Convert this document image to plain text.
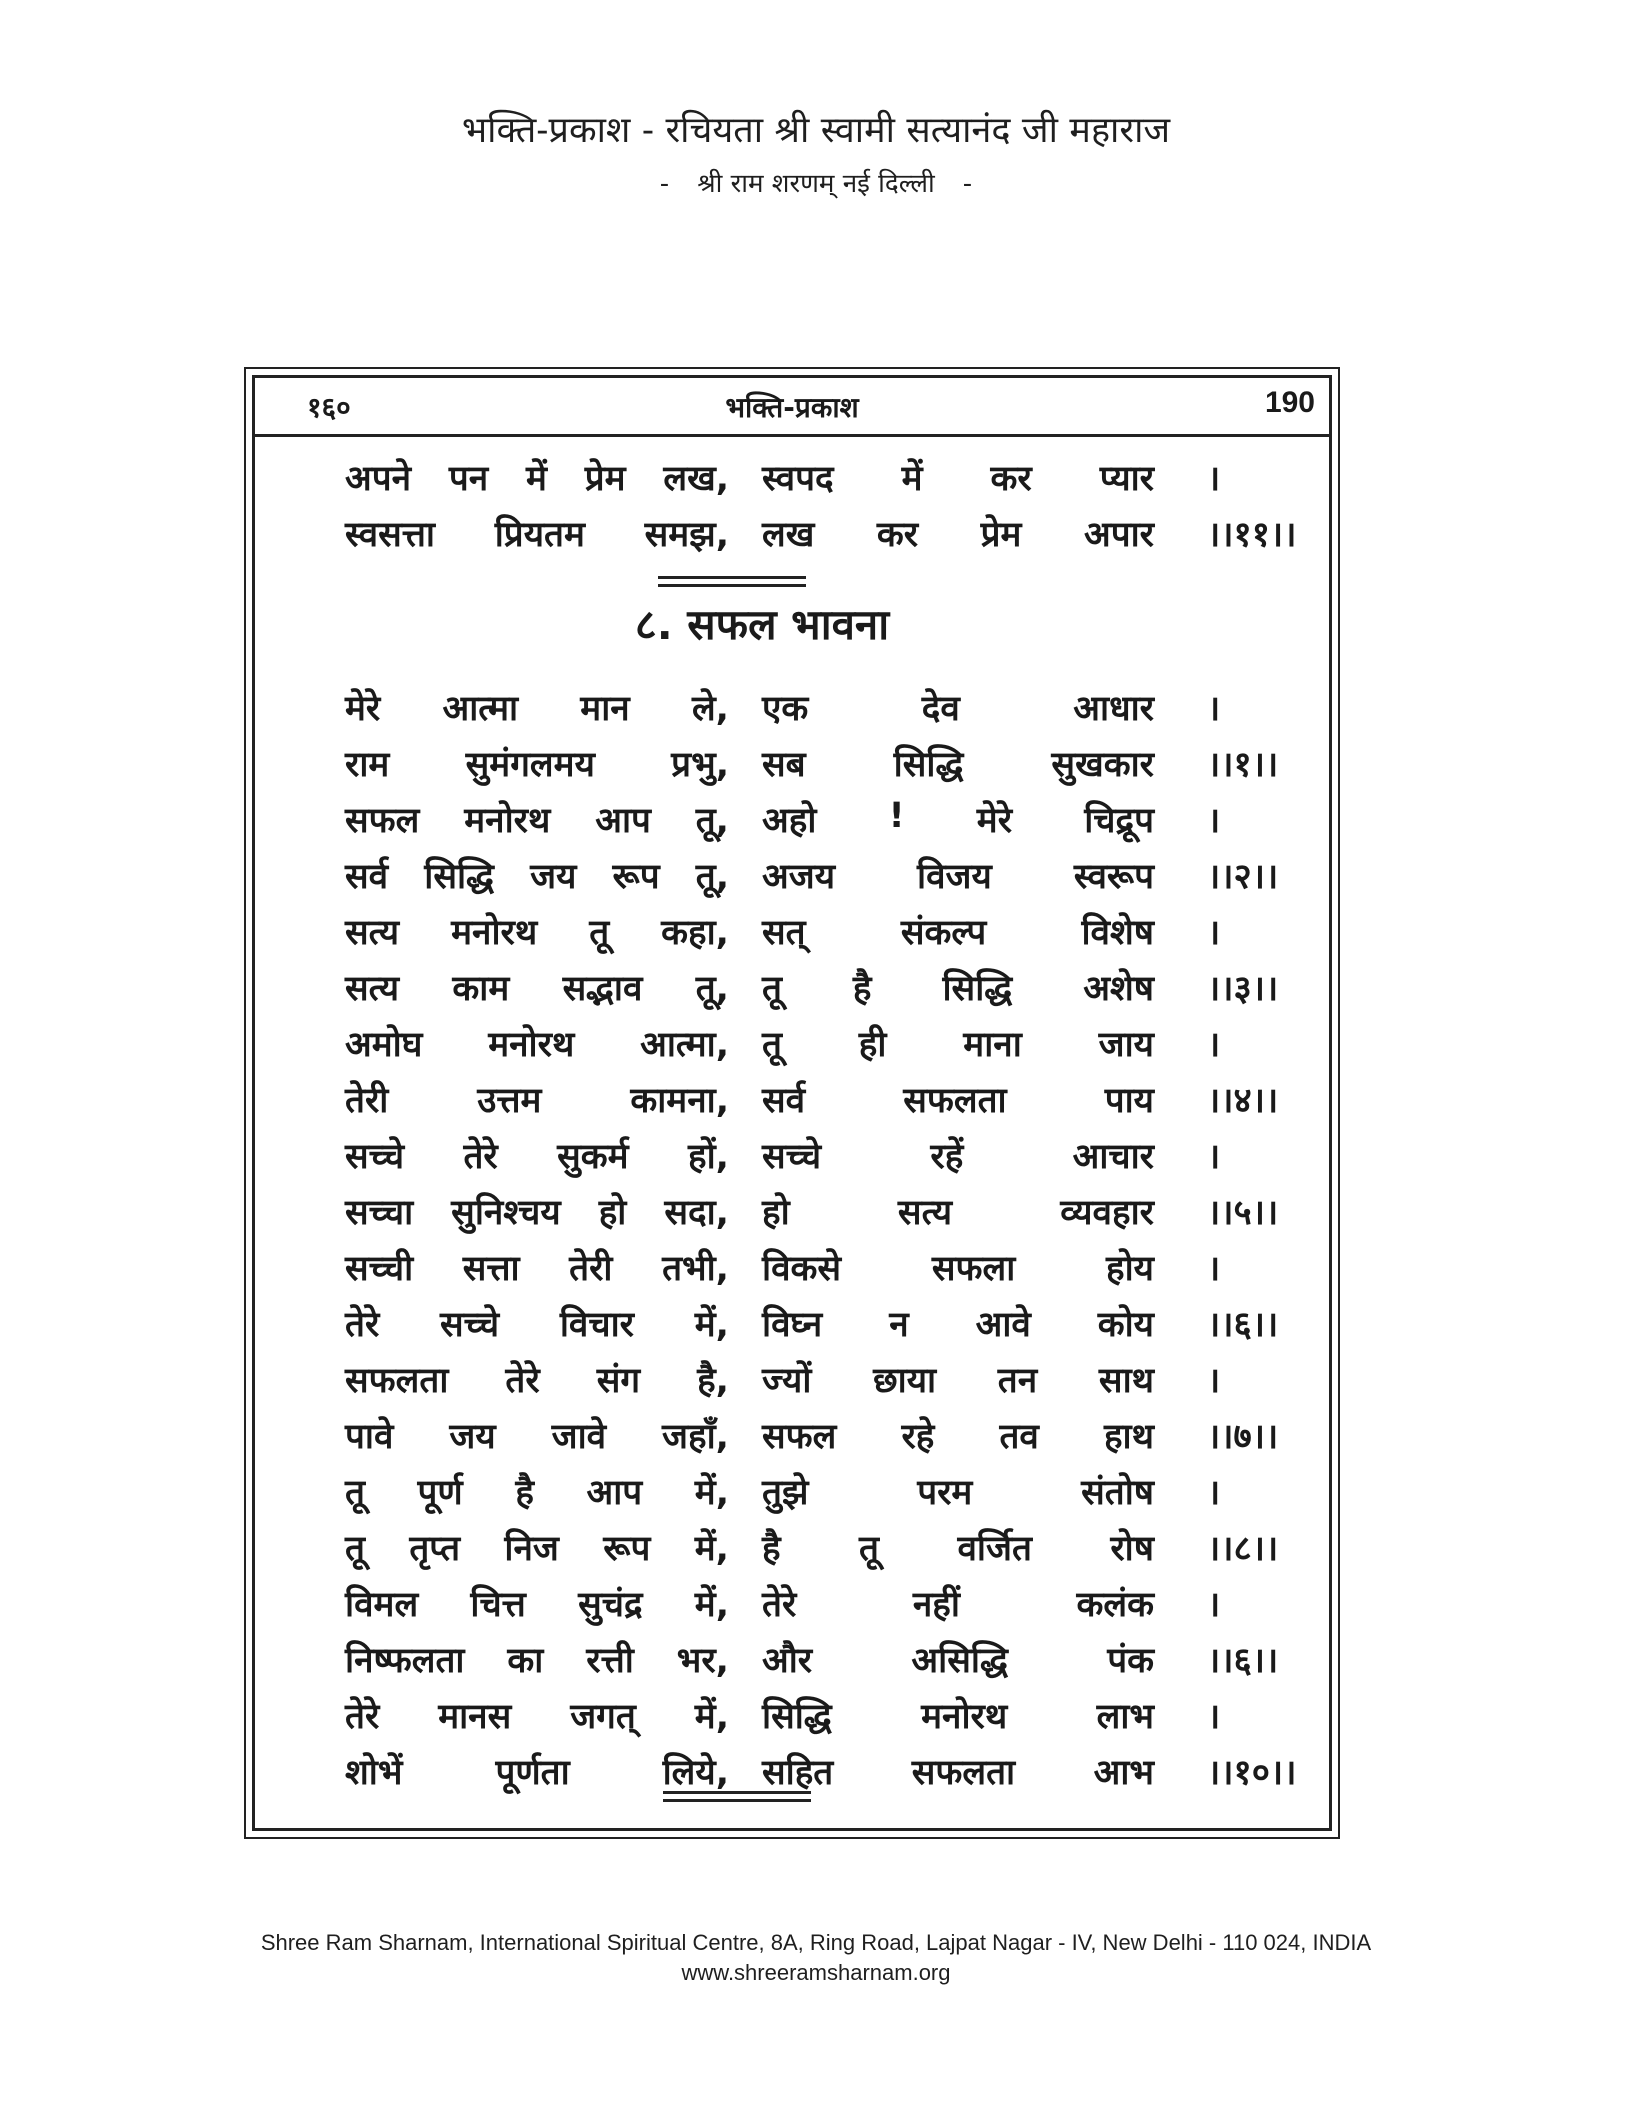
भक्ति-प्रकाश - रचियता श्री स्वामी सत्यानंद जी महाराज
- श्री राम शरणम् नई दिल्ली -
१६०	भक्ति-प्रकाश	190
अपने पन में प्रेम लख, स्वपद में कर प्यार ।
स्वसत्ता प्रियतम समझ, लख कर प्रेम अपार ।।११।।
८. सफल भावना
मेरे आत्मा मान ले, एक	देव	आधार ।
राम सुमंगलमय प्रभु, सब	सिद्धि	सुखकार ।।१।।
सफल मनोरथ आप तू, अहो ! मेरे चिद्रूप ।
सर्व सिद्धि जय रूप तू, अजय विजय स्वरूप ।।२।।
सत्य मनोरथ तू कहा, सत्	संकल्प	विशेष ।
सत्य काम सद्भाव तू, तू है सिद्धि अशेष ।।३।।
अमोघ मनोरथ आत्मा, तू ही माना जाय ।
तेरी	उत्तम	कामना, सर्व	सफलता	पाय ।।४।।
सच्चे तेरे सुकर्म हों, सच्चे	रहें	आचार ।
सच्चा सुनिश्चय हो सदा, हो	सत्य	व्यवहार ।।५।।
सच्ची सत्ता तेरी तभी, विकसे	सफला	होय ।
तेरे सच्चे विचार में, विघ्न न आवे कोय ।।६।।
सफलता तेरे संग है, ज्यों छाया तन साथ ।
पावे जय जावे जहाँ, सफल रहे तव हाथ ।।७।।
तू पूर्ण है आप में, तुझे	परम	संतोष ।
तू तृप्त निज रूप में, है तू वर्जित रोष ।।८।।
विमल चित्त सुचंद्र में, तेरे	नहीं	कलंक ।
निष्फलता का रत्ती भर, और	असिद्धि	पंक ।।६।।
तेरे मानस जगत् में, सिद्धि	मनोरथ	लाभ ।
शोभें	पूर्णता	लिये, सहित सफलता आभ ।।१०।।
Shree Ram Sharnam, International Spiritual Centre, 8A, Ring Road, Lajpat Nagar - IV, New Delhi - 110 024, INDIA
www.shreeramsharnam.org
